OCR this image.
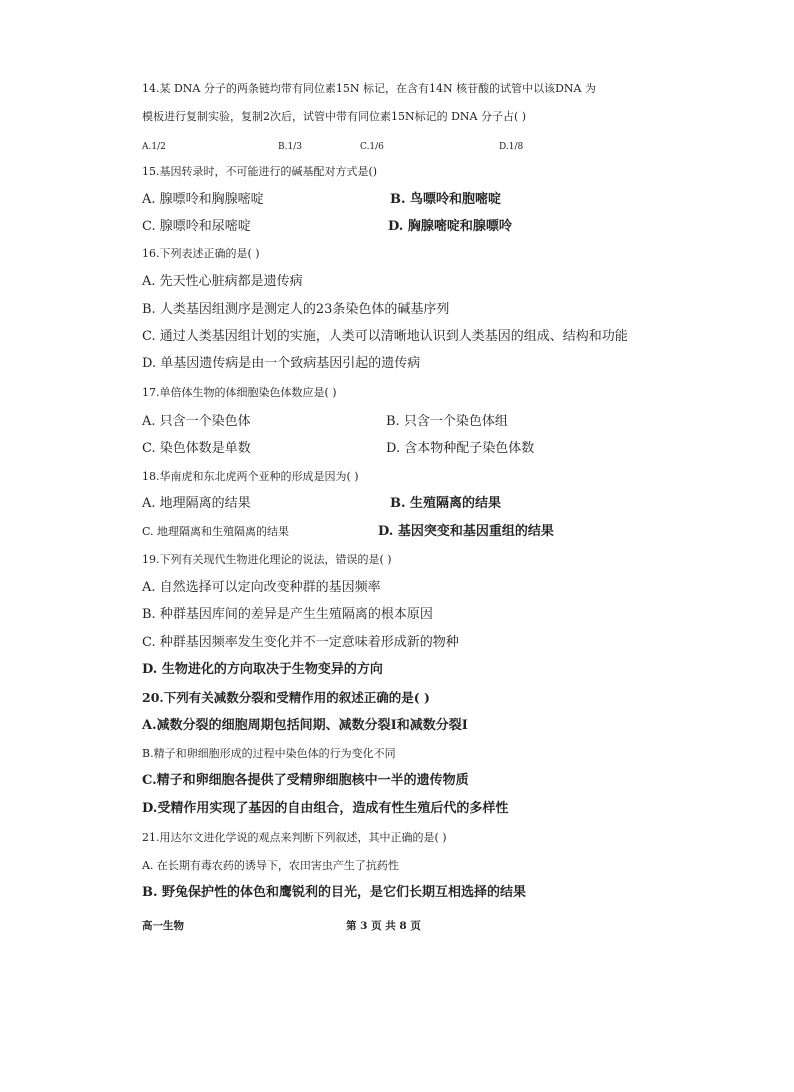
14.某 DNA 分子的两条链均带有同位素15N 标记，在含有14N 核苷酸的试管中以该DNA 为
模板进行复制实验，复制2次后，试管中带有同位素15N标记的 DNA 分子占( )
A.1/2	B.1/3	C.1/6	D.1/8
15.基因转录时，不可能进行的碱基配对方式是()
A. 腺嘌呤和胸腺嘧啶	B. 鸟嘌呤和胞嘧啶
C. 腺嘌呤和尿嘧啶	D. 胸腺嘧啶和腺嘌呤
16.下列表述正确的是( )
A. 先天性心脏病都是遗传病
B. 人类基因组测序是测定人的23条染色体的碱基序列
C. 通过人类基因组计划的实施，人类可以清晰地认识到人类基因的组成、结构和功能
D. 单基因遗传病是由一个致病基因引起的遗传病
17.单倍体生物的体细胞染色体数应是( )
A. 只含一个染色体	B. 只含一个染色体组
C. 染色体数是单数	D. 含本物种配子染色体数
18.华南虎和东北虎两个亚种的形成是因为( )
A. 地理隔离的结果	B. 生殖隔离的结果
C. 地理隔离和生殖隔离的结果	D. 基因突变和基因重组的结果
19.下列有关现代生物进化理论的说法，错误的是( )
A. 自然选择可以定向改变种群的基因频率
B. 种群基因库间的差异是产生生殖隔离的根本原因
C. 种群基因频率发生变化并不一定意味着形成新的物种
D. 生物进化的方向取决于生物变异的方向
20.下列有关减数分裂和受精作用的叙述正确的是( )
A.减数分裂的细胞周期包括间期、减数分裂I和减数分裂I
B.精子和卵细胞形成的过程中染色体的行为变化不同
C.精子和卵细胞各提供了受精卵细胞核中一半的遗传物质
D.受精作用实现了基因的自由组合，造成有性生殖后代的多样性
21.用达尔文进化学说的观点来判断下列叙述，其中正确的是( )
A. 在长期有毒农药的诱导下，农田害虫产生了抗药性
B. 野兔保护性的体色和鹰锐利的目光，是它们长期互相选择的结果
高一生物	第 3 页 共 8 页
